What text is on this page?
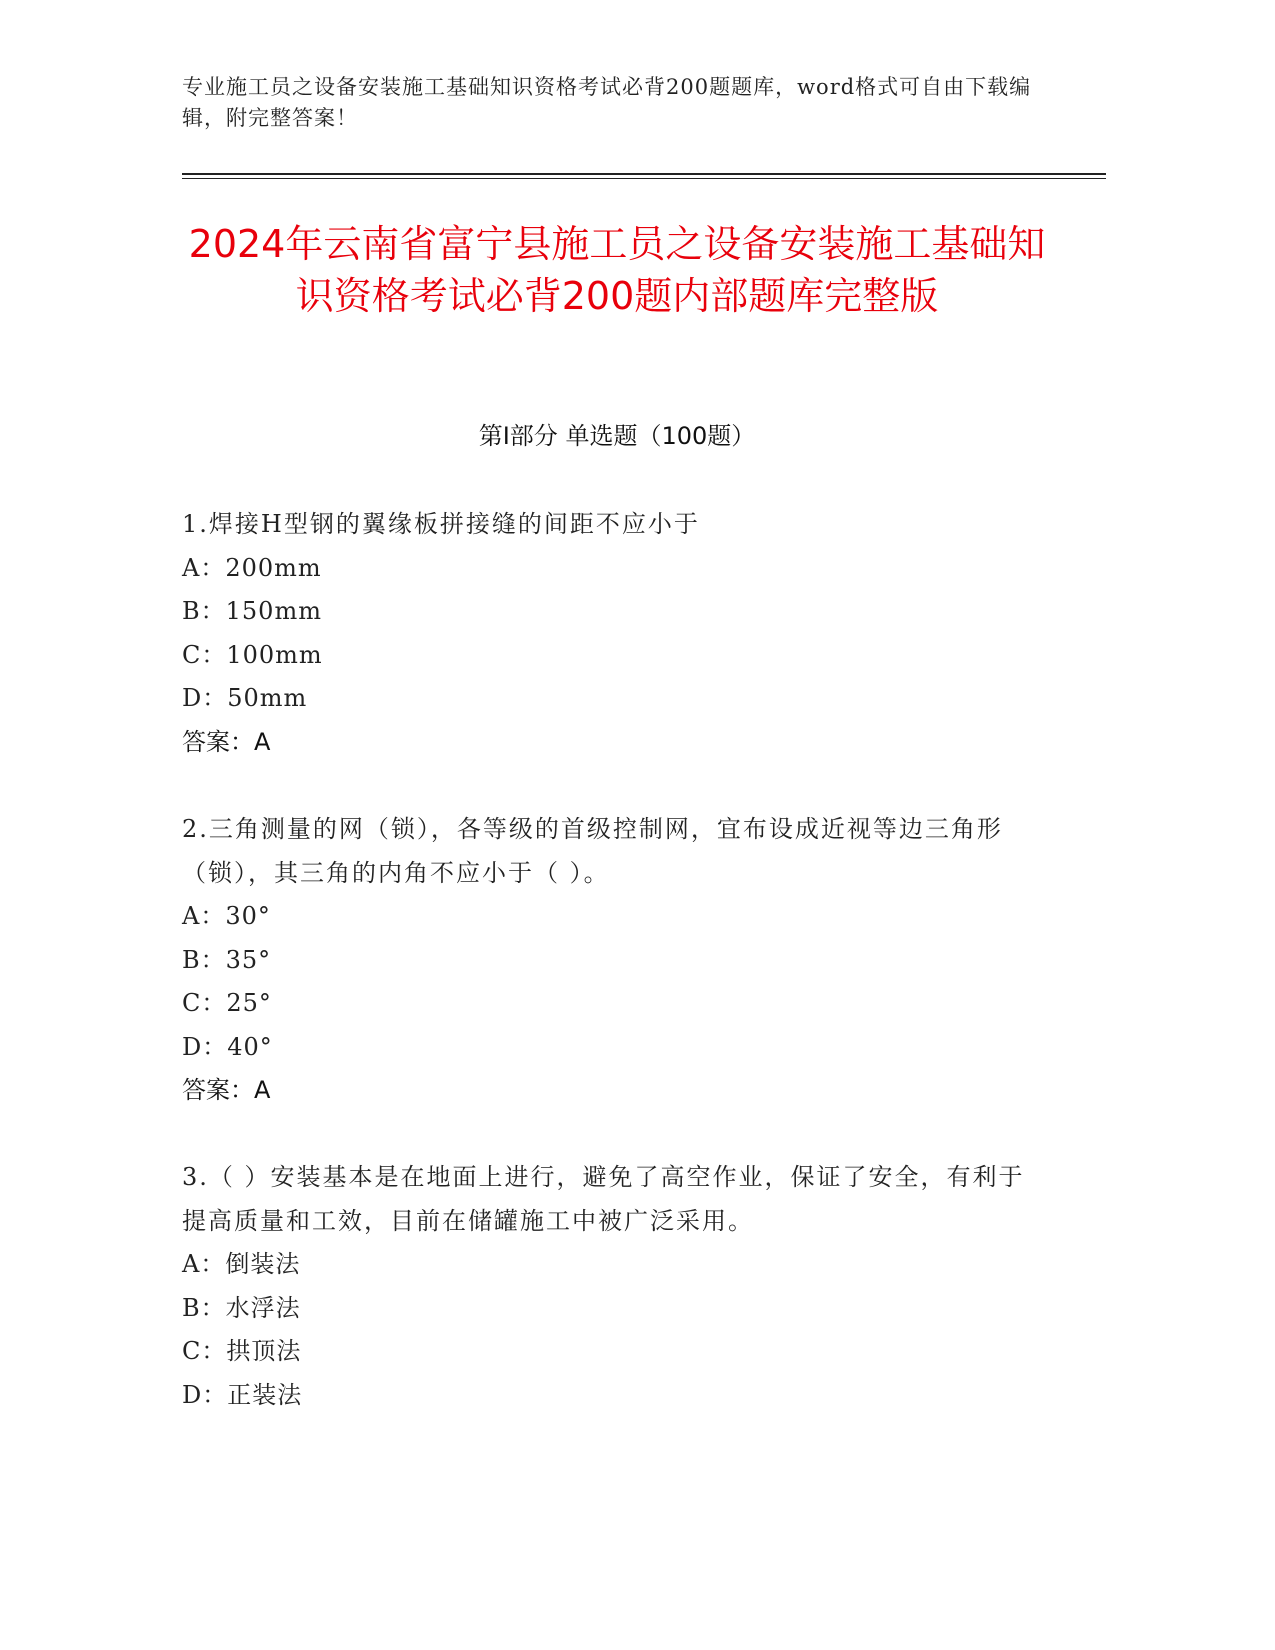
专业施工员之设备安装施工基础知识资格考试必背200题题库，word格式可自由下载编辑，附完整答案！
2024年云南省富宁县施工员之设备安装施工基础知识资格考试必背200题内部题库完整版
第I部分 单选题（100题）
1.焊接H型钢的翼缘板拼接缝的间距不应小于
A：200mm
B：150mm
C：100mm
D：50mm
答案：A
2.三角测量的网（锁），各等级的首级控制网，宜布设成近视等边三角形（锁），其三角的内角不应小于（ ）。
A：30°
B：35°
C：25°
D：40°
答案：A
3.（ ）安装基本是在地面上进行，避免了高空作业，保证了安全，有利于提高质量和工效，目前在储罐施工中被广泛采用。
A：倒装法
B：水浮法
C：拱顶法
D：正装法
